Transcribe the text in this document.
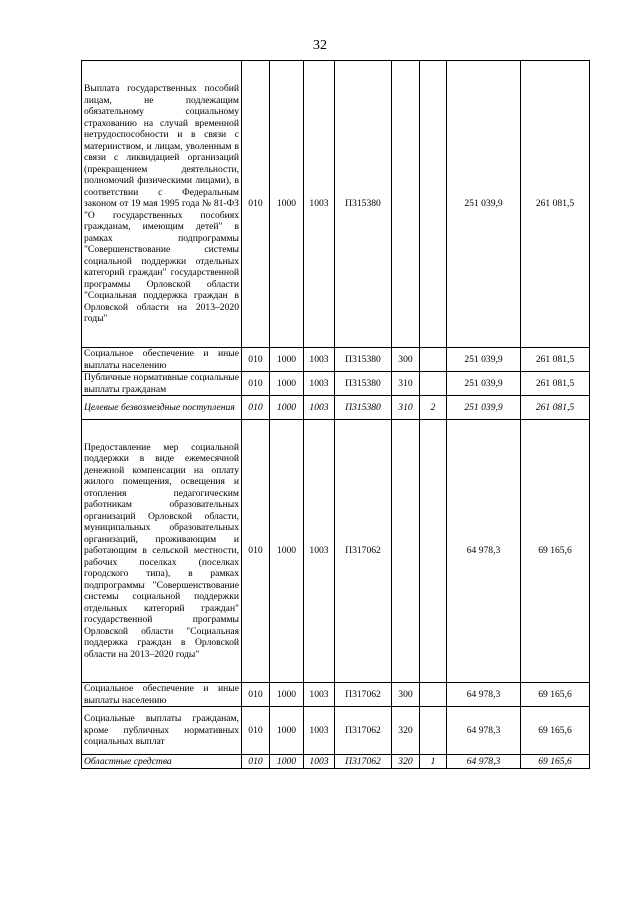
32
Выплата государственных пособий лицам, не подлежащим обязательному социальному страхованию на случай временной нетрудоспособности и в связи с материнством, и лицам, уволенным в связи с ликвидацией организаций (прекращением деятельности, полномочий физическими лицами), в соответствии с Федеральным законом от 19 мая 1995 года № 81-ФЗ "О государственных пособиях гражданам, имеющим детей" в рамках подпрограммы "Совершенствование системы социальной поддержки отдельных категорий граждан" государственной программы Орловской области "Социальная поддержка граждан в Орловской области на 2013–2020 годы"	010	1000	1003	П315380			251 039,9	261 081,5
Социальное обеспечение и иные выплаты населению	010	1000	1003	П315380	300		251 039,9	261 081,5
Публичные нормативные социальные выплаты гражданам	010	1000	1003	П315380	310		251 039,9	261 081,5
Целевые безвозмездные поступления	010	1000	1003	П315380	310	2	251 039,9	261 081,5
Предоставление мер социальной поддержки в виде ежемесячной денежной компенсации на оплату жилого помещения, освещения и отопления педагогическим работникам образовательных организаций Орловской области, муниципальных образовательных организаций, проживающим и работающим в сельской местности, рабочих поселках (поселках городского типа), в рамках подпрограммы "Совершенствование системы социальной поддержки отдельных категорий граждан" государственной программы Орловской области "Социальная поддержка граждан в Орловской области на 2013–2020 годы"	010	1000	1003	П317062			64 978,3	69 165,6
Социальное обеспечение и иные выплаты населению	010	1000	1003	П317062	300		64 978,3	69 165,6
Социальные выплаты гражданам, кроме публичных нормативных социальных выплат	010	1000	1003	П317062	320		64 978,3	69 165,6
Областные средства	010	1000	1003	П317062	320	1	64 978,3	69 165,6
